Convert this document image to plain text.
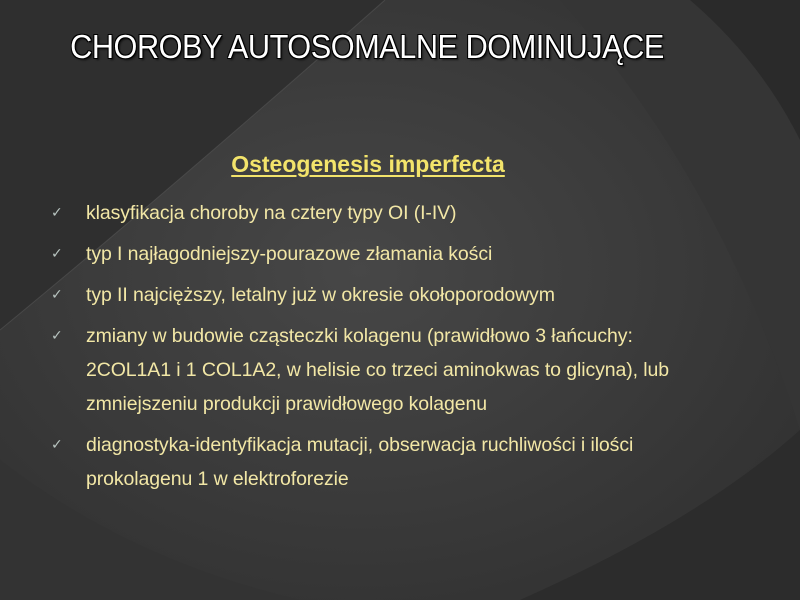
CHOROBY AUTOSOMALNE DOMINUJĄCE
Osteogenesis imperfecta
✓	klasyfikacja choroby na cztery typy OI (I-IV)
✓	typ I najłagodniejszy-pourazowe złamania kości
✓	typ II najcięższy, letalny już w okresie okołoporodowym
✓	zmiany w budowie cząsteczki kolagenu (prawidłowo 3 łańcuchy: 2COL1A1 i 1 COL1A2, w helisie co trzeci aminokwas to glicyna), lub zmniejszeniu produkcji prawidłowego kolagenu
✓	diagnostyka-identyfikacja mutacji, obserwacja ruchliwości i ilości prokolagenu 1 w elektroforezie
